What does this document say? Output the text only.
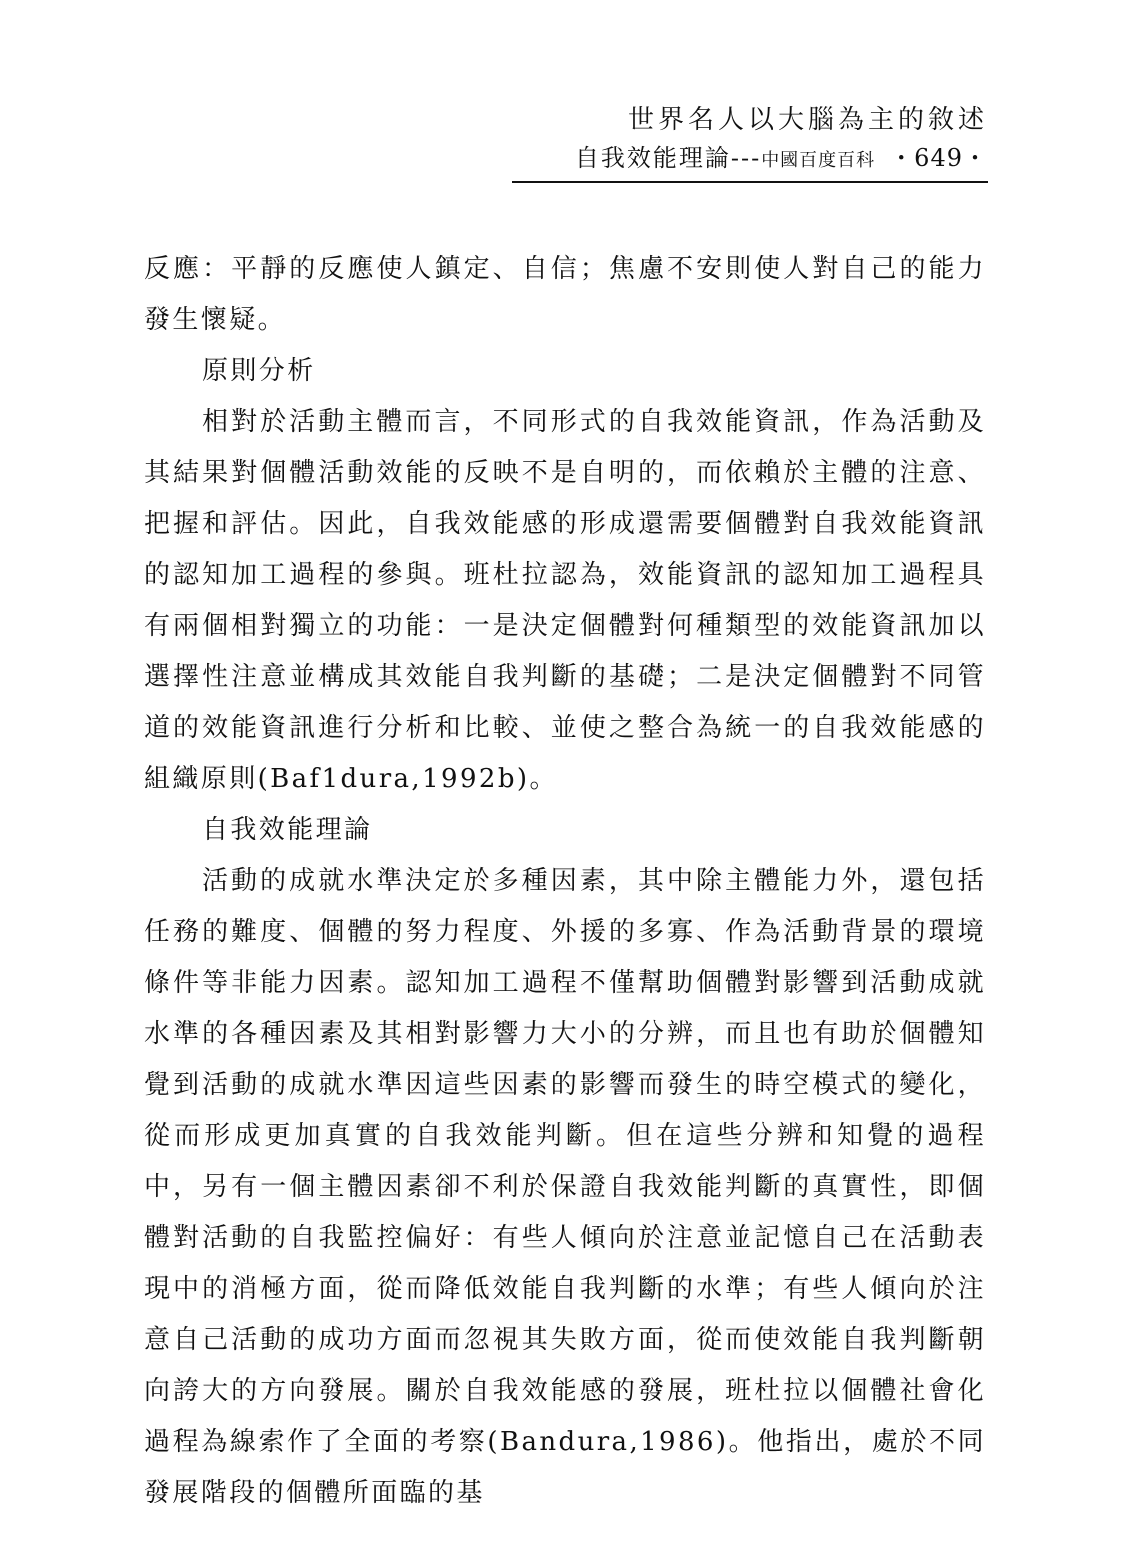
世界名人以大腦為主的敘述
自我效能理論---中國百度百科 ・649・

反應：平靜的反應使人鎮定、自信；焦慮不安則使人對自己的能力發生懷疑。

原則分析

相對於活動主體而言，不同形式的自我效能資訊，作為活動及其結果對個體活動效能的反映不是自明的，而依賴於主體的注意、把握和評估。因此，自我效能感的形成還需要個體對自我效能資訊的認知加工過程的參與。班杜拉認為，效能資訊的認知加工過程具有兩個相對獨立的功能：一是決定個體對何種類型的效能資訊加以選擇性注意並構成其效能自我判斷的基礎；二是決定個體對不同管道的效能資訊進行分析和比較、並使之整合為統一的自我效能感的組織原則(Baf1dura,1992b)。

自我效能理論

活動的成就水準決定於多種因素，其中除主體能力外，還包括任務的難度、個體的努力程度、外援的多寡、作為活動背景的環境條件等非能力因素。認知加工過程不僅幫助個體對影響到活動成就水準的各種因素及其相對影響力大小的分辨，而且也有助於個體知覺到活動的成就水準因這些因素的影響而發生的時空模式的變化，從而形成更加真實的自我效能判斷。但在這些分辨和知覺的過程中，另有一個主體因素卻不利於保證自我效能判斷的真實性，即個體對活動的自我監控偏好：有些人傾向於注意並記憶自己在活動表現中的消極方面，從而降低效能自我判斷的水準；有些人傾向於注意自己活動的成功方面而忽視其失敗方面，從而使效能自我判斷朝向誇大的方向發展。關於自我效能感的發展，班杜拉以個體社會化過程為線索作了全面的考察(Bandura,1986)。他指出，處於不同發展階段的個體所面臨的基
